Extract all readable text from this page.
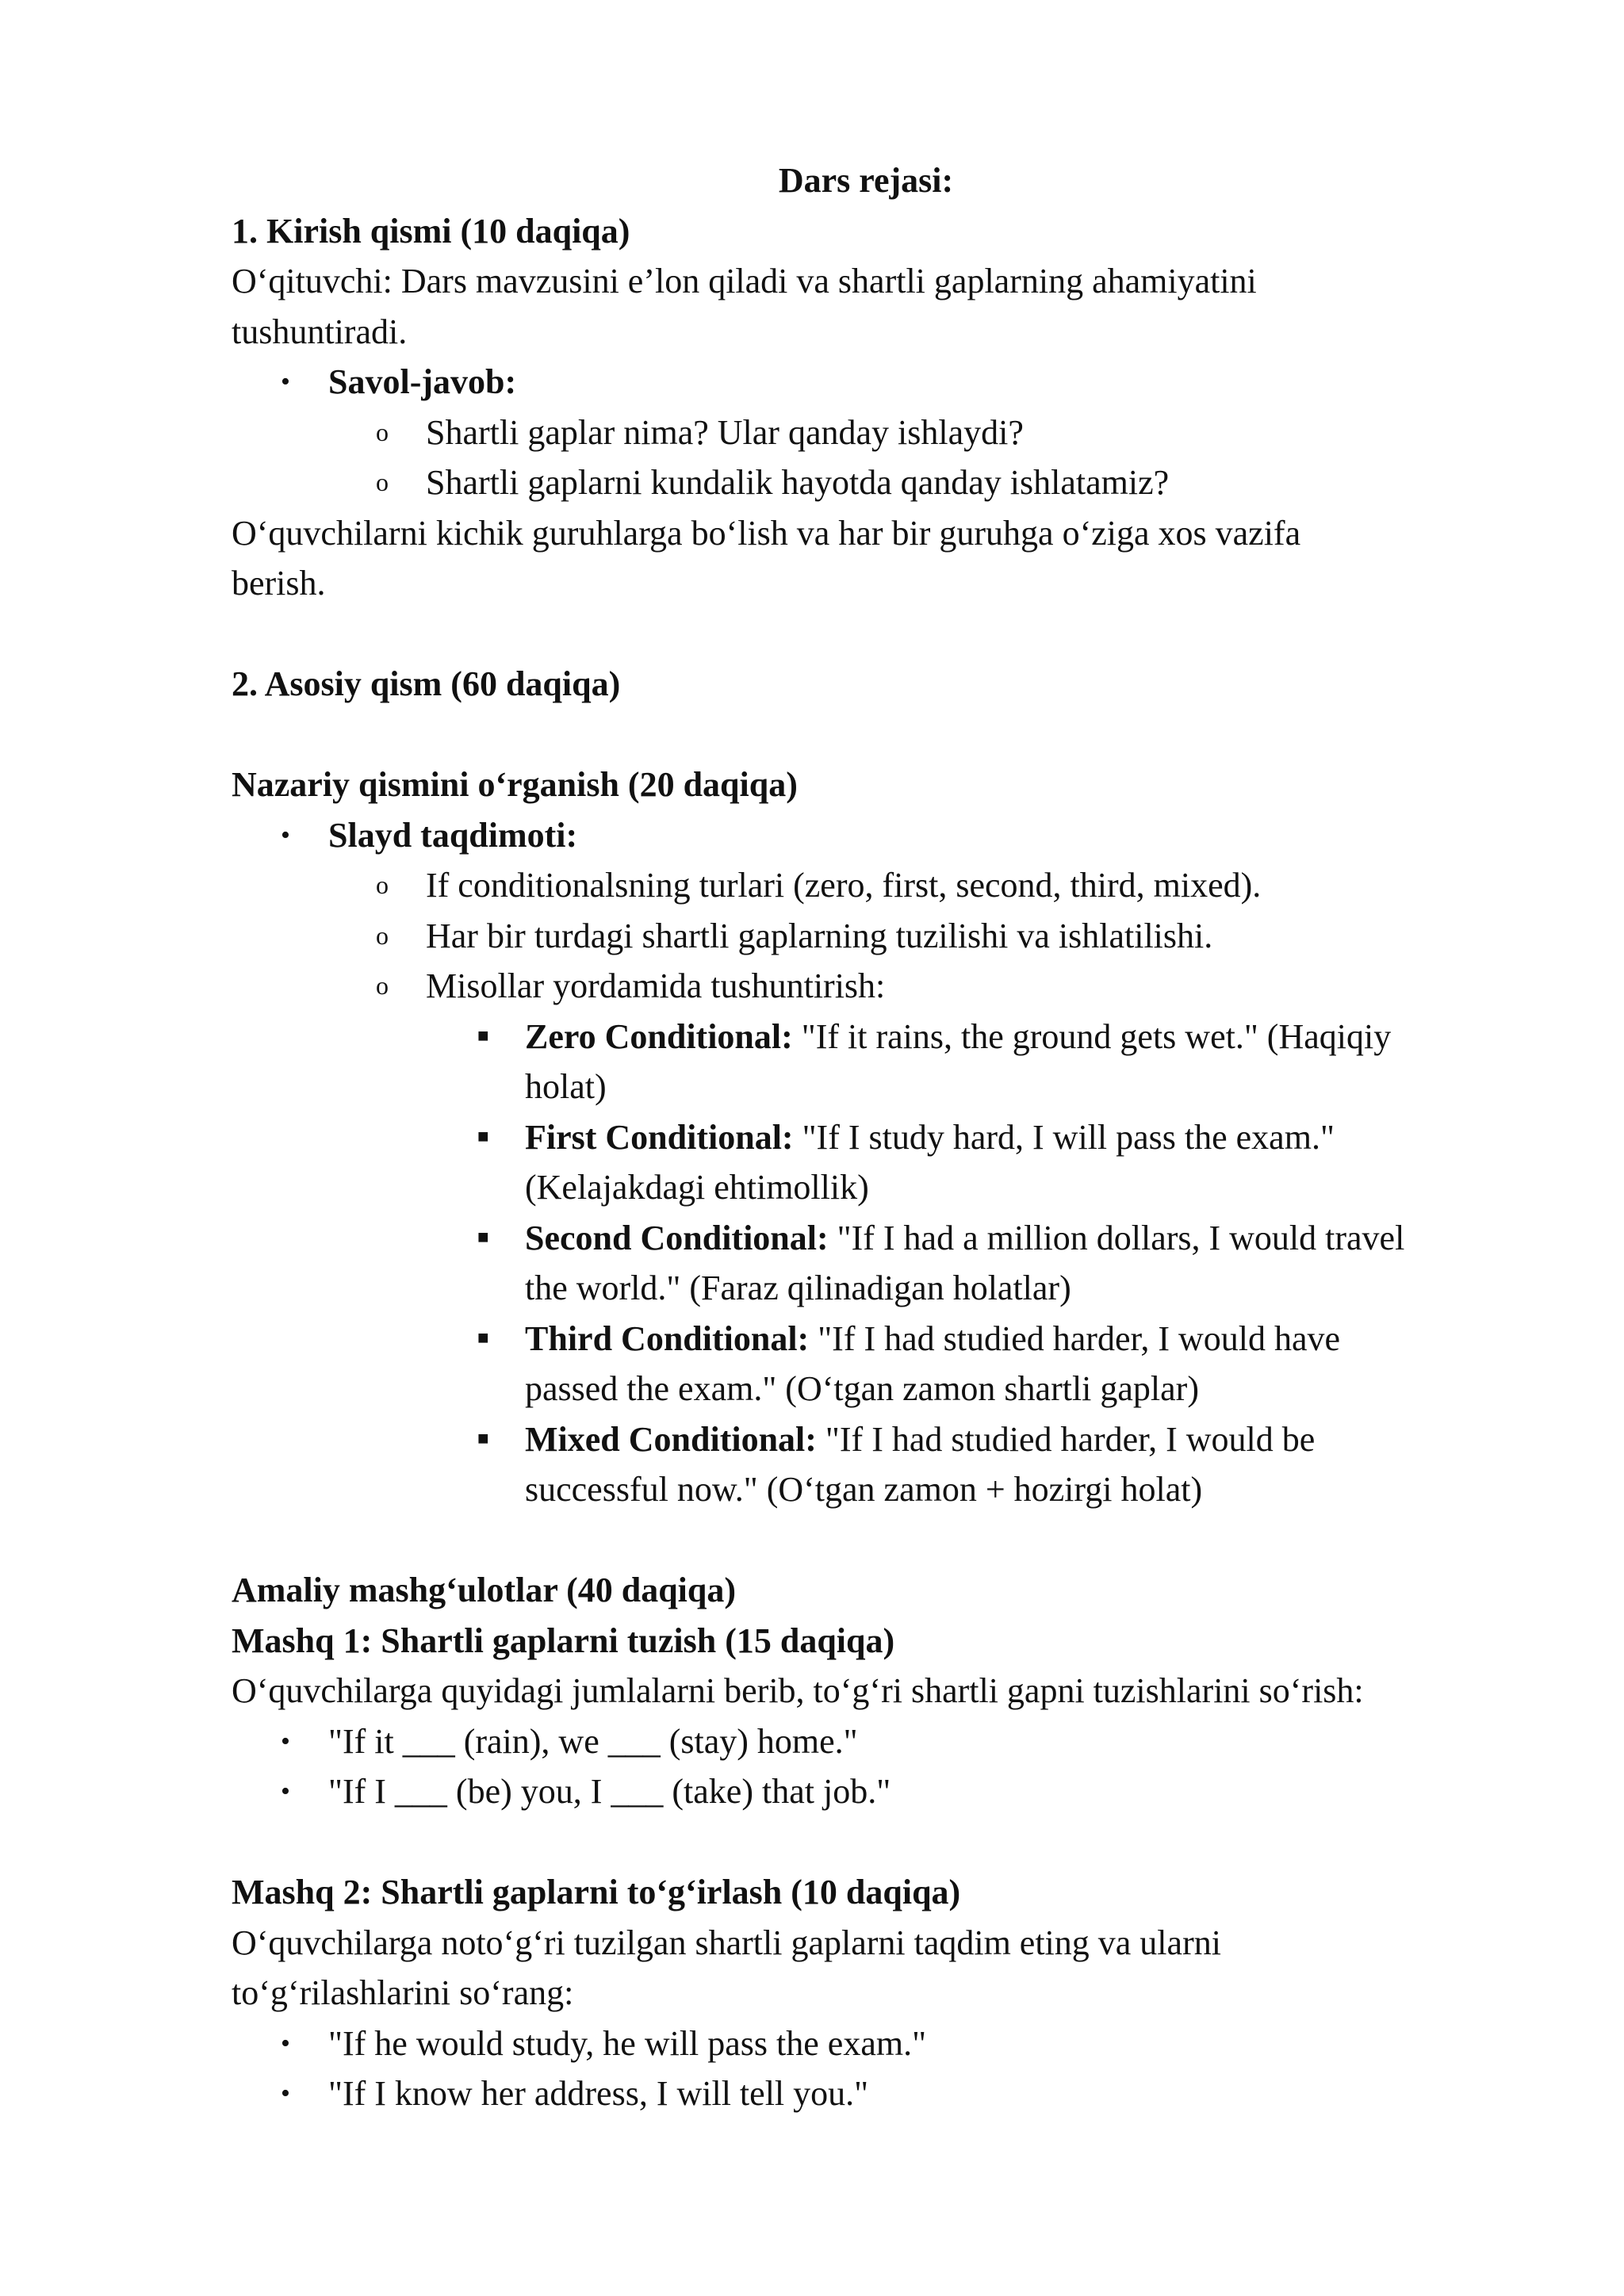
Dars rejasi:
1. Kirish qismi (10 daqiqa)
O‘qituvchi: Dars mavzusini e’lon qiladi va shartli gaplarning ahamiyatini
tushuntiradi.
• Savol-javob:
o Shartli gaplar nima? Ular qanday ishlaydi?
o Shartli gaplarni kundalik hayotda qanday ishlatamiz?
O‘quvchilarni kichik guruhlarga bo‘lish va har bir guruhga o‘ziga xos vazifa
berish.
2. Asosiy qism (60 daqiqa)
Nazariy qismini o‘rganish (20 daqiqa)
• Slayd taqdimoti:
o If conditionalsning turlari (zero, first, second, third, mixed).
o Har bir turdagi shartli gaplarning tuzilishi va ishlatilishi.
o Misollar yordamida tushuntirish:
■ Zero Conditional: "If it rains, the ground gets wet." (Haqiqiy
holat)
■ First Conditional: "If I study hard, I will pass the exam."
(Kelajakdagi ehtimollik)
■ Second Conditional: "If I had a million dollars, I would travel
the world." (Faraz qilinadigan holatlar)
■ Third Conditional: "If I had studied harder, I would have
passed the exam." (O‘tgan zamon shartli gaplar)
■ Mixed Conditional: "If I had studied harder, I would be
successful now." (O‘tgan zamon + hozirgi holat)
Amaliy mashg‘ulotlar (40 daqiqa)
Mashq 1: Shartli gaplarni tuzish (15 daqiqa)
O‘quvchilarga quyidagi jumlalarni berib, to‘g‘ri shartli gapni tuzishlarini so‘rish:
• "If it ___ (rain), we ___ (stay) home."
• "If I ___ (be) you, I ___ (take) that job."
Mashq 2: Shartli gaplarni to‘g‘irlash (10 daqiqa)
O‘quvchilarga noto‘g‘ri tuzilgan shartli gaplarni taqdim eting va ularni
to‘g‘rilashlarini so‘rang:
• "If he would study, he will pass the exam."
• "If I know her address, I will tell you."
